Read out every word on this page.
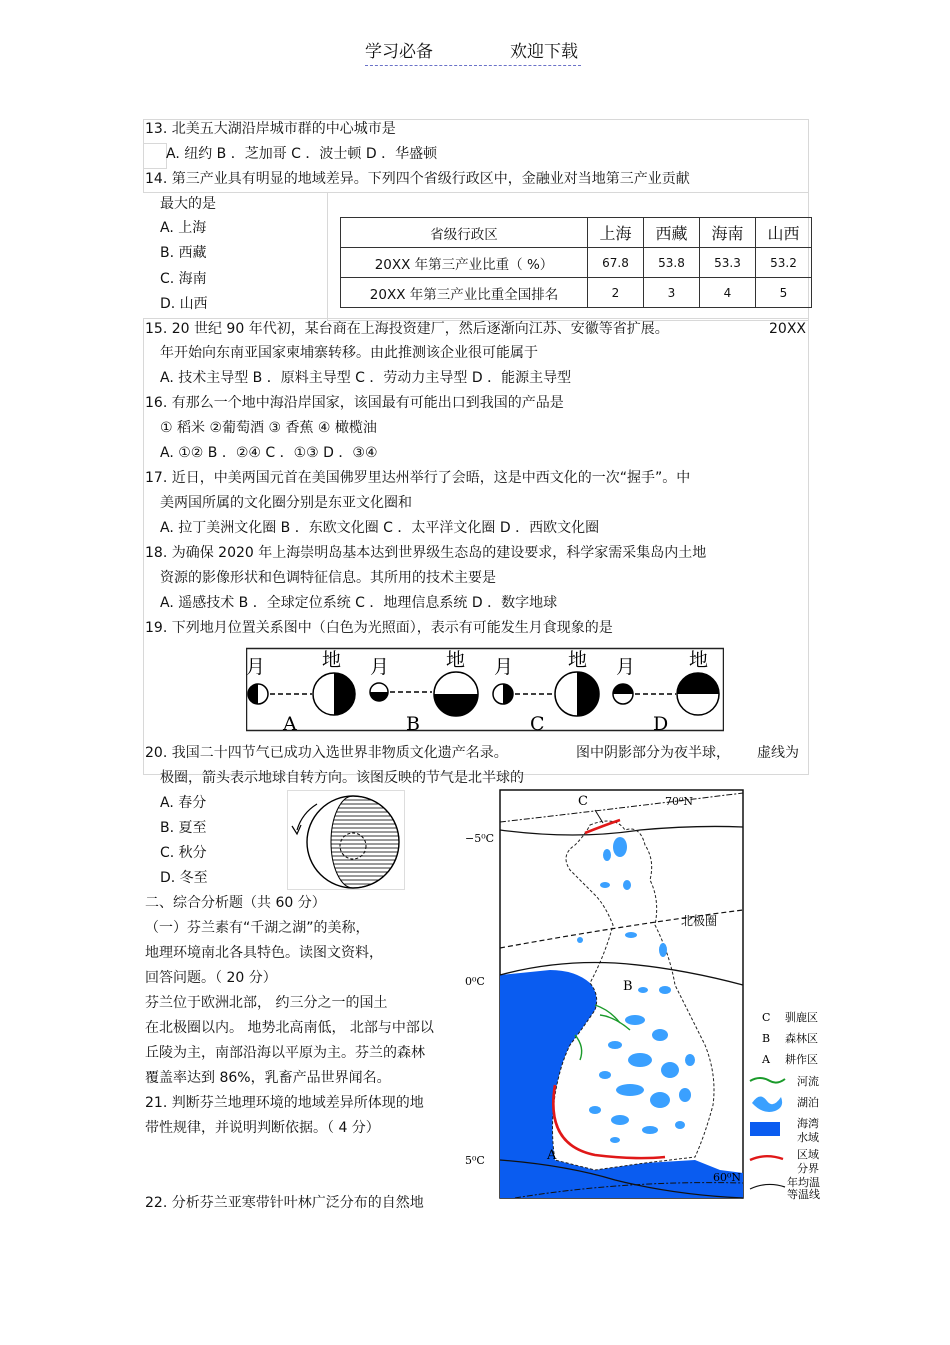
学习必备	欢迎下载
13. 北美五大湖沿岸城市群的中心城市是
A. 纽约 B ．芝加哥 C ．波士顿 D ．华盛顿
14. 第三产业具有明显的地域差异。下列四个省级行政区中，金融业对当地第三产业贡献
最大的是
A. 上海
B. 西藏
C. 海南
D. 山西
省级行政区	上海	西藏	海南	山西
20XX 年第三产业比重（ %）	67.8	53.8	53.3	53.2
20XX 年第三产业比重全国排名	2	3	4	5
15. 20 世纪 90 年代初，某台商在上海投资建厂，然后逐渐向江苏、安徽等省扩展。	20XX
年开始向东南亚国家柬埔寨转移。由此推测该企业很可能属于
A. 技术主导型 B ．原料主导型 C ．劳动力主导型 D ．能源主导型
16. 有那么一个地中海沿岸国家，该国最有可能出口到我国的产品是
① 稻米 ②葡萄酒 ③ 香蕉 ④ 橄榄油
A. ①② B ．②④ C ．①③ D ．③④
17. 近日，中美两国元首在美国佛罗里达州举行了会晤，这是中西文化的一次“握手”。中
美两国所属的文化圈分别是东亚文化圈和
A. 拉丁美洲文化圈 B ．东欧文化圈 C ．太平洋文化圈 D ．西欧文化圈
18. 为确保 2020 年上海崇明岛基本达到世界级生态岛的建设要求，科学家需采集岛内土地
资源的影像形状和色调特征信息。其所用的技术主要是
A. 遥感技术 B ．全球定位系统 C ．地理信息系统 D ．数字地球
19. 下列地月位置关系图中（白色为光照面），表示有可能发生月食现象的是
月	地
A
月	地
B
月	地
C
月	地
D
20. 我国二十四节气已成功入选世界非物质文化遗产名录。	图中阴影部分为夜半球， 虚线为
极圈，箭头表示地球自转方向。该图反映的节气是北半球的
A. 春分
B. 夏至
C. 秋分
D. 冬至
二、综合分析题（共 60 分）
（一）芬兰素有“千湖之湖”的美称，
地理环境南北各具特色。读图文资料，
回答问题。（ 20 分）
芬兰位于欧洲北部， 约三分之一的国土
在北极圈以内。 地势北高南低， 北部与中部以
丘陵为主，南部沿海以平原为主。芬兰的森林
覆盖率达到 86%，乳畜产品世界闻名。
21. 判断芬兰地理环境的地域差异所体现的地
带性规律，并说明判断依据。（ 4 分）
22. 分析芬兰亚寒带针叶林广泛分布的自然地
70⁰N
60⁰N
−5⁰C
0⁰C
5⁰C
北极圈
C
B
A
C 驯鹿区
B 森林区
A 耕作区
河流
湖泊
海湾
水域
区域
分界
年均温
等温线
